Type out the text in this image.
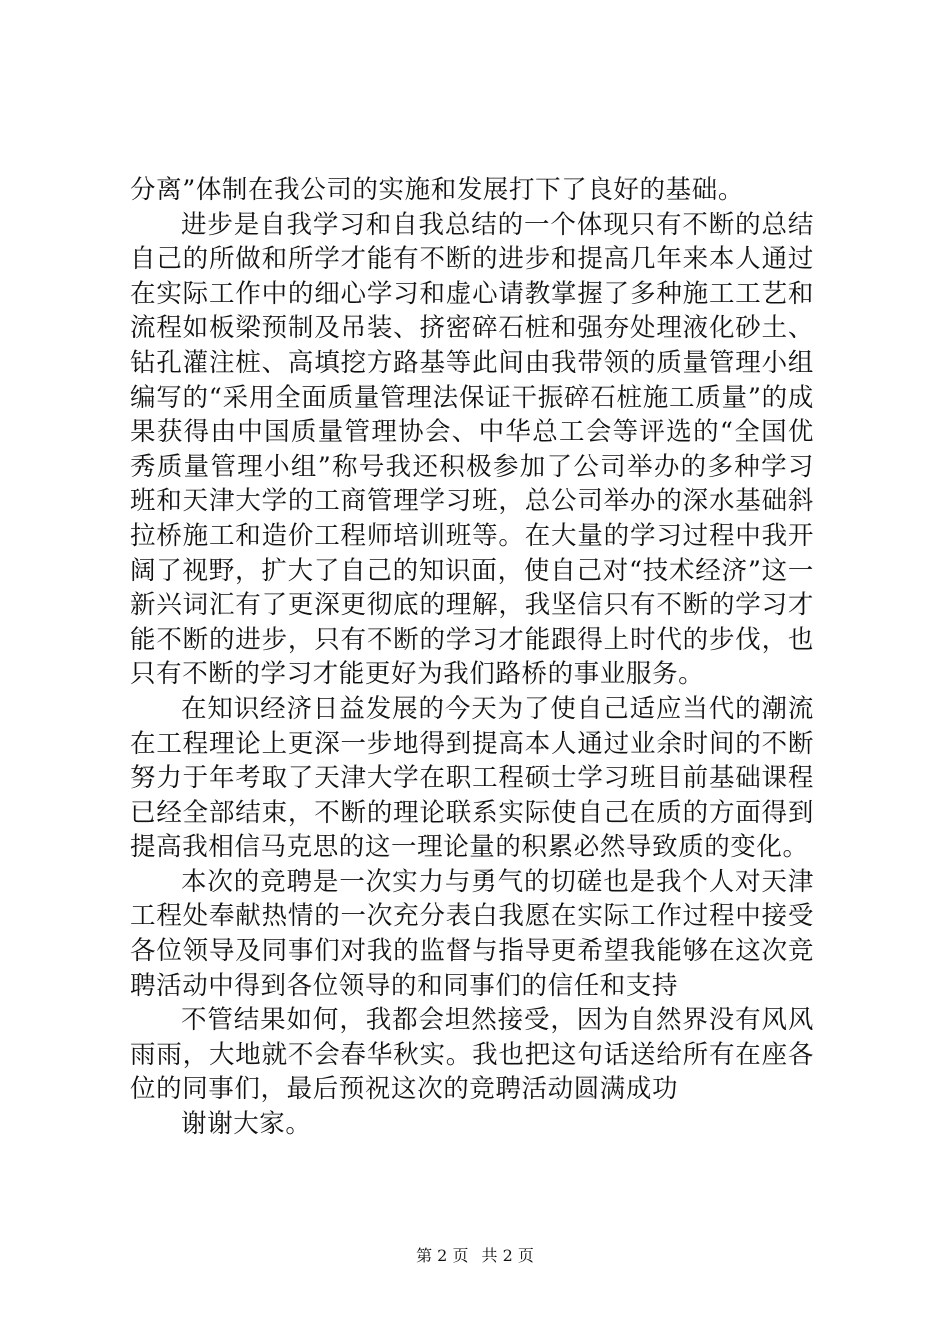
分离”体制在我公司的实施和发展打下了良好的基础。

进步是自我学习和自我总结的一个体现只有不断的总结自己的所做和所学才能有不断的进步和提高几年来本人通过在实际工作中的细心学习和虚心请教掌握了多种施工工艺和流程如板梁预制及吊装、挤密碎石桩和强夯处理液化砂土、钻孔灌注桩、高填挖方路基等此间由我带领的质量管理小组编写的“采用全面质量管理法保证干振碎石桩施工质量”的成果获得由中国质量管理协会、中华总工会等评选的“全国优秀质量管理小组”称号我还积极参加了公司举办的多种学习班和天津大学的工商管理学习班，总公司举办的深水基础斜拉桥施工和造价工程师培训班等。在大量的学习过程中我开阔了视野，扩大了自己的知识面，使自己对“技术经济”这一新兴词汇有了更深更彻底的理解，我坚信只有不断的学习才能不断的进步，只有不断的学习才能跟得上时代的步伐，也只有不断的学习才能更好为我们路桥的事业服务。

在知识经济日益发展的今天为了使自己适应当代的潮流在工程理论上更深一步地得到提高本人通过业余时间的不断努力于年考取了天津大学在职工程硕士学习班目前基础课程已经全部结束，不断的理论联系实际使自己在质的方面得到提高我相信马克思的这一理论量的积累必然导致质的变化。

本次的竞聘是一次实力与勇气的切磋也是我个人对天津工程处奉献热情的一次充分表白我愿在实际工作过程中接受各位领导及同事们对我的监督与指导更希望我能够在这次竞聘活动中得到各位领导的和同事们的信任和支持

不管结果如何，我都会坦然接受，因为自然界没有风风雨雨，大地就不会春华秋实。我也把这句话送给所有在座各位的同事们，最后预祝这次的竞聘活动圆满成功

谢谢大家。

第 2 页 共 2 页
